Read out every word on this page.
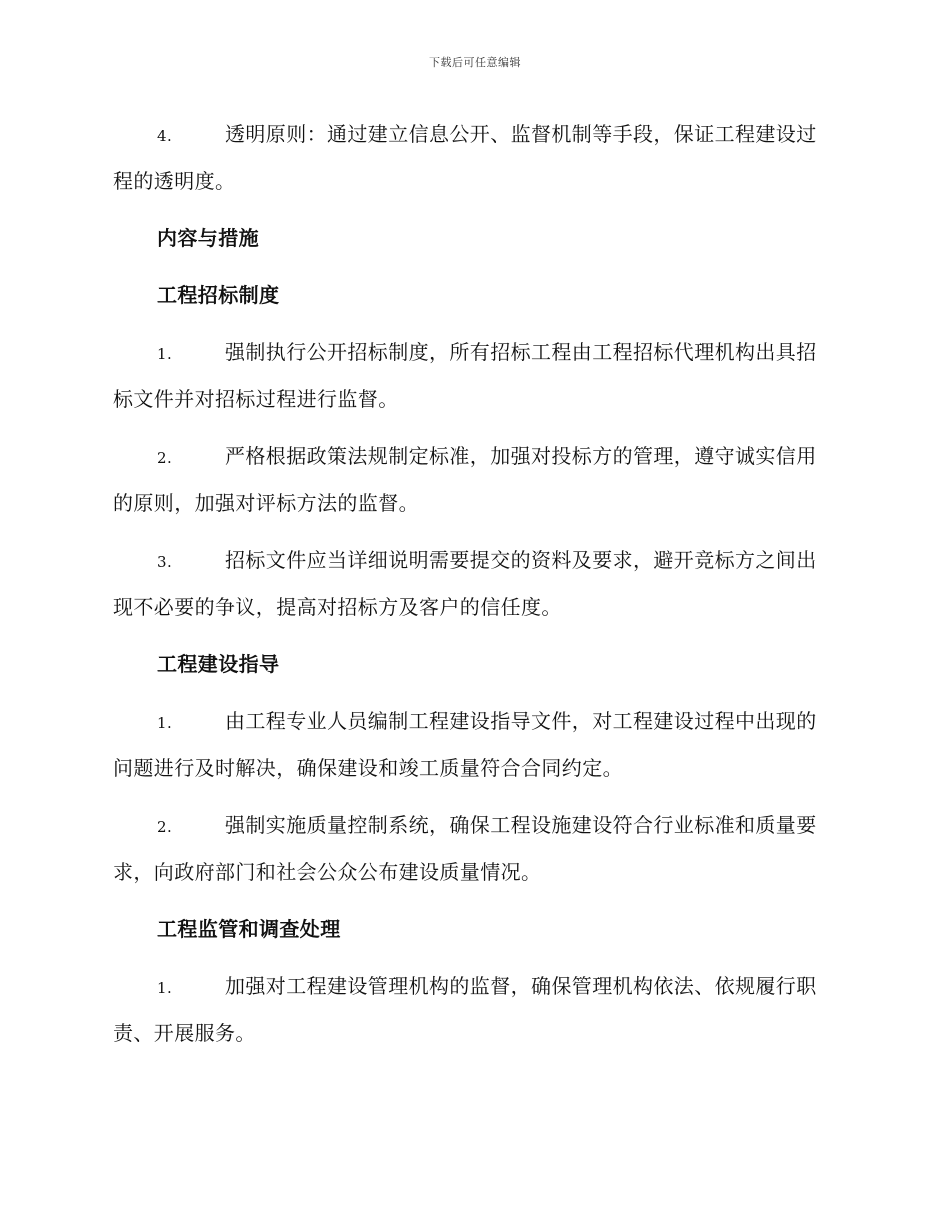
下载后可任意编辑

4.	透明原则：通过建立信息公开、监督机制等手段，保证工程建设过程的透明度。

内容与措施
工程招标制度

1.	强制执行公开招标制度，所有招标工程由工程招标代理机构出具招标文件并对招标过程进行监督。

2.	严格根据政策法规制定标准，加强对投标方的管理，遵守诚实信用的原则，加强对评标方法的监督。

3.	招标文件应当详细说明需要提交的资料及要求，避开竞标方之间出现不必要的争议，提高对招标方及客户的信任度。

工程建设指导

1.	由工程专业人员编制工程建设指导文件，对工程建设过程中出现的问题进行及时解决，确保建设和竣工质量符合合同约定。

2.	强制实施质量控制系统，确保工程设施建设符合行业标准和质量要求，向政府部门和社会公众公布建设质量情况。

工程监管和调查处理

1.	加强对工程建设管理机构的监督，确保管理机构依法、依规履行职责、开展服务。
